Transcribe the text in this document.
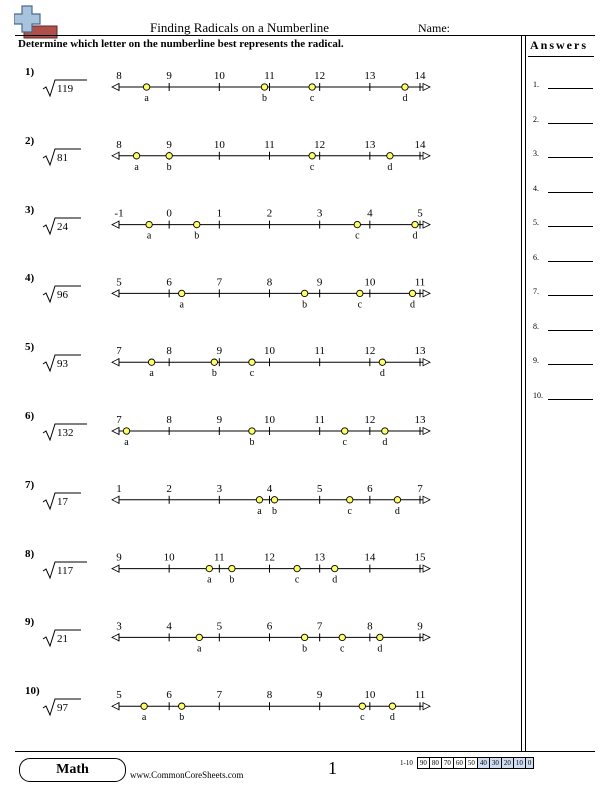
Finding Radicals on a Numberline	Name:
Determine which letter on the numberline best represents the radical.	Answers
1.
2.
3.
4.
5.
6.
7.
8.
9.
10.
1)
119
2)
81
3)
24
4)
96
5)
93
6)
132
7)
17
8)
117
9)
21
10)
97
8	9	10	11	12	13	14
a	b	c	d
8	9	10	11	12	13	14
a	b	c	d
-1	0	1	2	3	4	5
a	b	c	d
5	6	7	8	9	10	11
a	b	c	d
7	8	9	10	11	12	13
a	b	c	d
7	8	9	10	11	12	13
a	b	c	d
1	2	3	4	5	6	7
a b	c	d
9	10	11	12	13	14	15
a b	c	d
3	4	5	6	7	8	9
a	b	c	d
5	6	7	8	9	10	11
a	b	c	d
Math	www.CommonCoreSheets.com	1	1-10	90	80	70	60	50	40	30	20	10	0
